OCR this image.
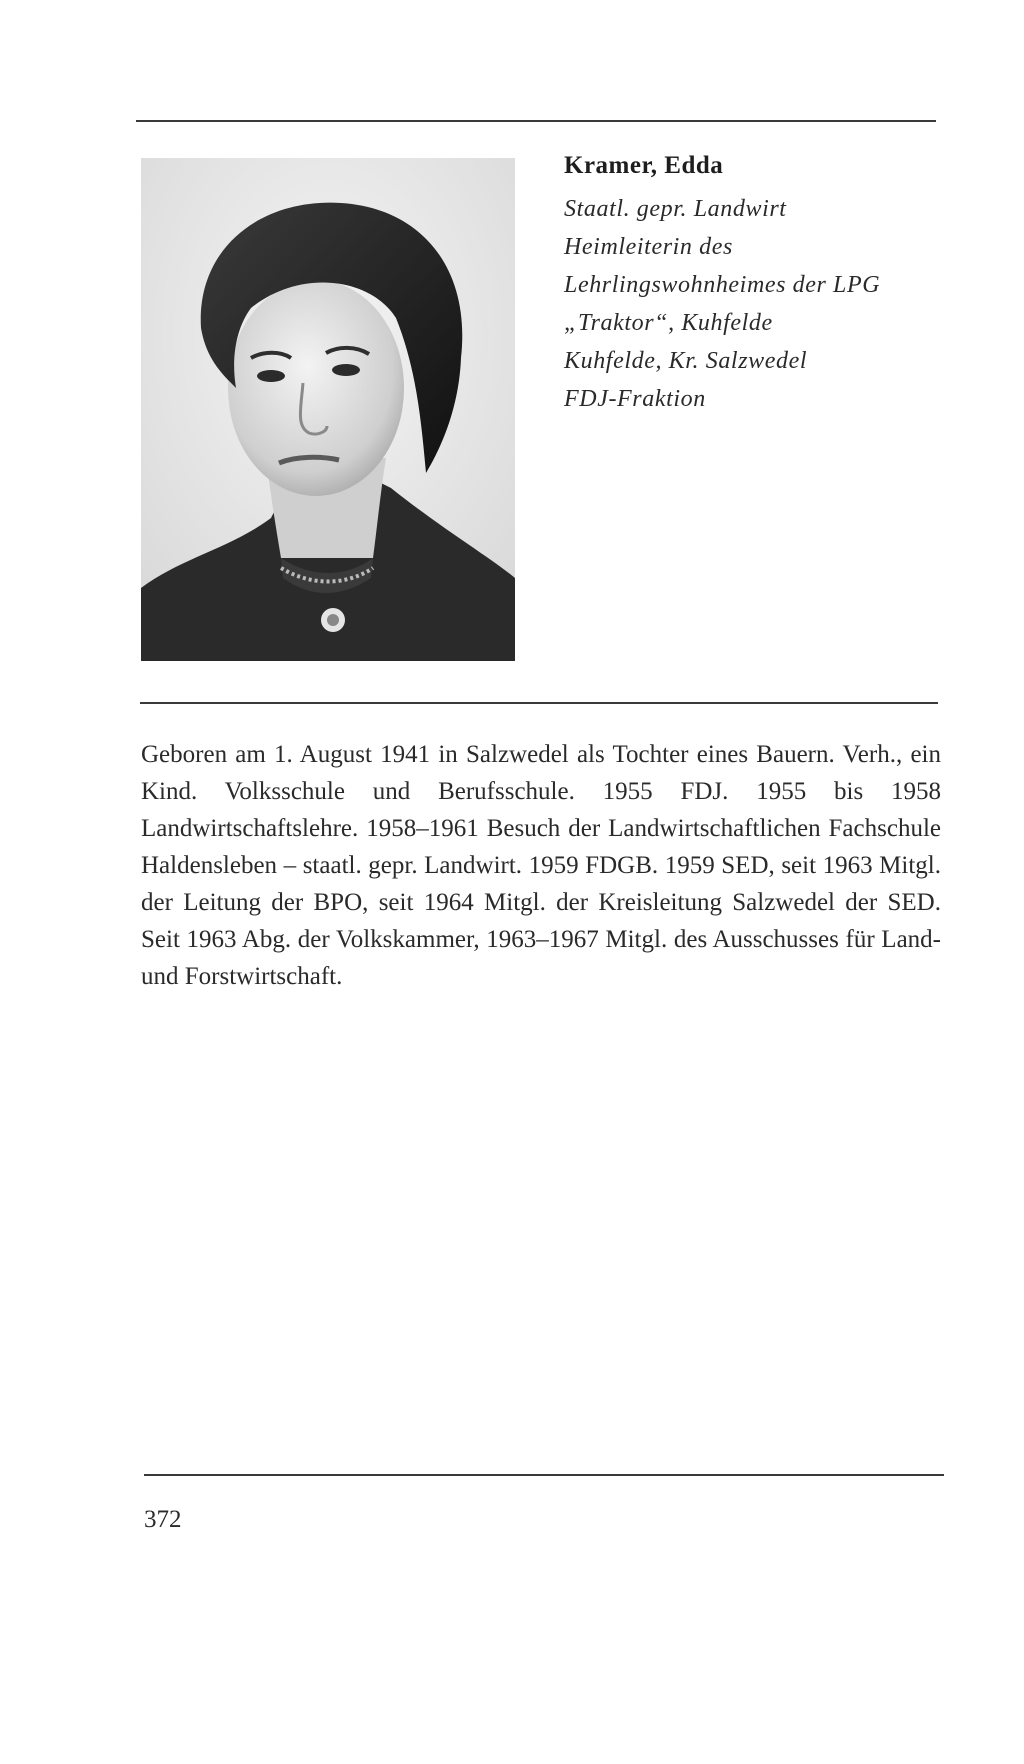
Kramer, Edda
Staatl. gepr. Landwirt
Heimleiterin des
Lehrlingswohnheimes der LPG
„Traktor“, Kuhfelde
Kuhfelde, Kr. Salzwedel
FDJ-Fraktion
Geboren am 1. August 1941 in Salzwedel als Tochter eines Bauern. Verh., ein Kind. Volksschule und Berufsschule. 1955 FDJ. 1955 bis 1958 Landwirtschaftslehre. 1958–1961 Besuch der Landwirtschaftlichen Fachschule Haldensleben – staatl. gepr. Landwirt. 1959 FDGB. 1959 SED, seit 1963 Mitgl. der Leitung der BPO, seit 1964 Mitgl. der Kreisleitung Salzwedel der SED. Seit 1963 Abg. der Volkskammer, 1963–1967 Mitgl. des Ausschusses für Land- und Forstwirtschaft.
372
